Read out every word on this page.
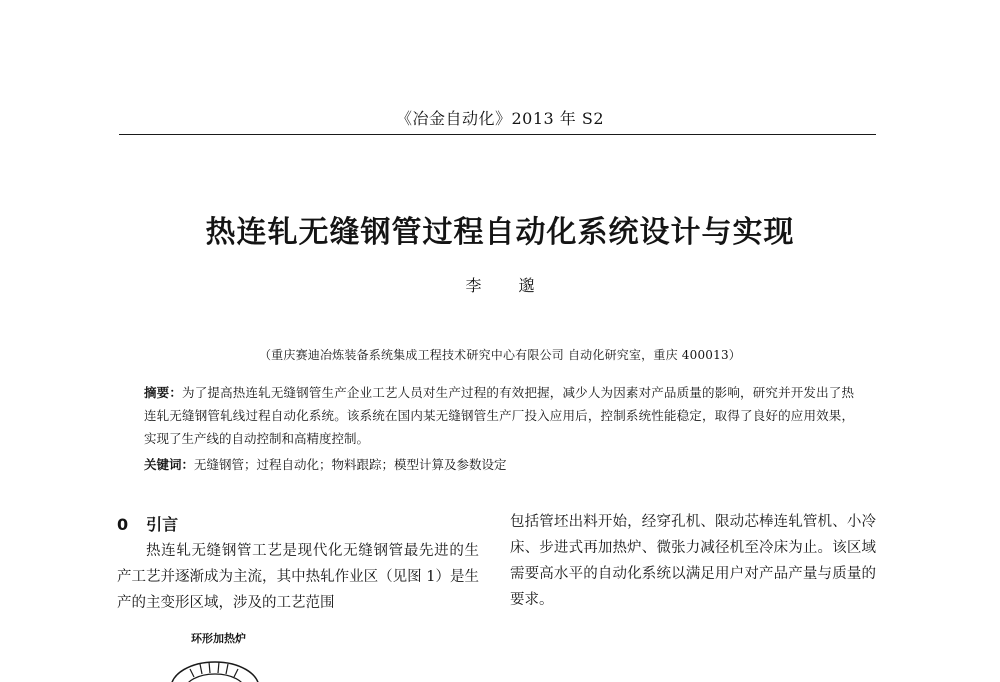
《冶金自动化》2013 年 S2
热连轧无缝钢管过程自动化系统设计与实现
李 邈
（重庆赛迪冶炼装备系统集成工程技术研究中心有限公司 自动化研究室，重庆 400013）
摘要：为了提高热连轧无缝钢管生产企业工艺人员对生产过程的有效把握，减少人为因素对产品质量的影响，研究并开发出了热连轧无缝钢管轧线过程自动化系统。该系统在国内某无缝钢管生产厂投入应用后，控制系统性能稳定，取得了良好的应用效果，实现了生产线的自动控制和高精度控制。
关键词：无缝钢管；过程自动化；物料跟踪；模型计算及参数设定
0 引言
热连轧无缝钢管工艺是现代化无缝钢管最先进的生产工艺并逐渐成为主流，其中热轧作业区（见图 1）是生产的主变形区域，涉及的工艺范围
包括管坯出料开始，经穿孔机、限动芯棒连轧管机、小冷床、步进式再加热炉、微张力减径机至冷床为止。该区域需要高水平的自动化系统以满足用户对产品产量与质量的要求。
环形加热炉
